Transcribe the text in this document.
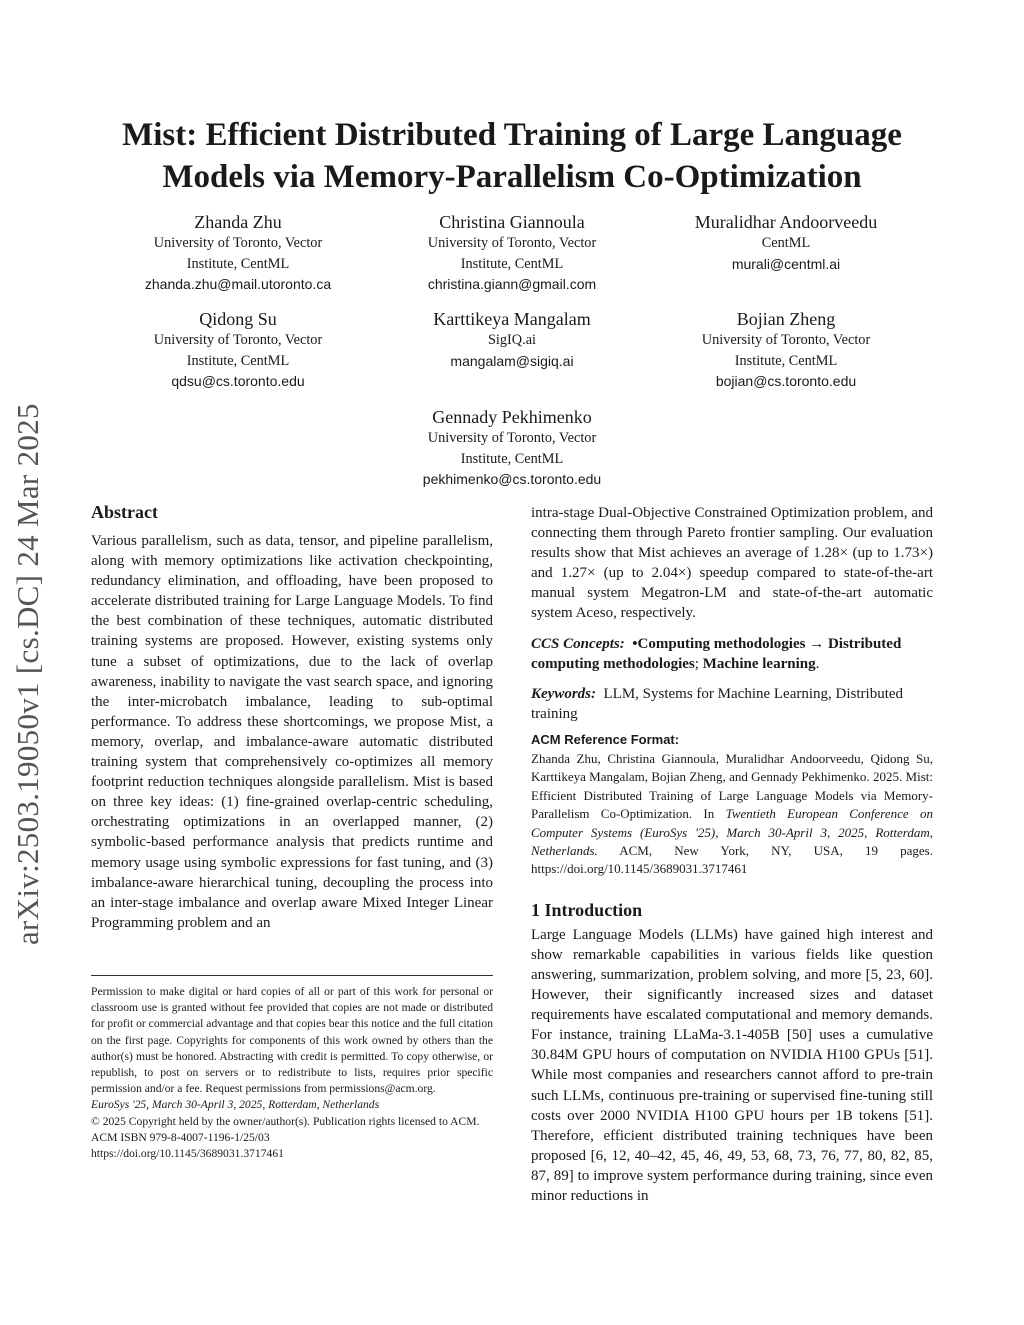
arXiv:2503.19050v1 [cs.DC] 24 Mar 2025
Mist: Efficient Distributed Training of Large Language
Models via Memory-Parallelism Co-Optimization
Zhanda Zhu
University of Toronto, Vector
Institute, CentML
zhanda.zhu@mail.utoronto.ca
Christina Giannoula
University of Toronto, Vector
Institute, CentML
christina.giann@gmail.com
Muralidhar Andoorveedu
CentML
murali@centml.ai
Qidong Su
University of Toronto, Vector
Institute, CentML
qdsu@cs.toronto.edu
Karttikeya Mangalam
SigIQ.ai
mangalam@sigiq.ai
Bojian Zheng
University of Toronto, Vector
Institute, CentML
bojian@cs.toronto.edu
Gennady Pekhimenko
University of Toronto, Vector
Institute, CentML
pekhimenko@cs.toronto.edu
Abstract

Various parallelism, such as data, tensor, and pipeline parallelism, along with memory optimizations like activation checkpointing, redundancy elimination, and offloading, have been proposed to accelerate distributed training for Large Language Models. To find the best combination of these techniques, automatic distributed training systems are proposed. However, existing systems only tune a subset of optimizations, due to the lack of overlap awareness, inability to navigate the vast search space, and ignoring the inter-microbatch imbalance, leading to sub-optimal performance. To address these shortcomings, we propose Mist, a memory, overlap, and imbalance-aware automatic distributed training system that comprehensively co-optimizes all memory footprint reduction techniques alongside parallelism. Mist is based on three key ideas: (1) fine-grained overlap-centric scheduling, orchestrating optimizations in an overlapped manner, (2) symbolic-based performance analysis that predicts runtime and memory usage using symbolic expressions for fast tuning, and (3) imbalance-aware hierarchical tuning, decoupling the process into an inter-stage imbalance and overlap aware Mixed Integer Linear Programming problem and an

Permission to make digital or hard copies of all or part of this work for personal or classroom use is granted without fee provided that copies are not made or distributed for profit or commercial advantage and that copies bear this notice and the full citation on the first page. Copyrights for components of this work owned by others than the author(s) must be honored. Abstracting with credit is permitted. To copy otherwise, or republish, to post on servers or to redistribute to lists, requires prior specific permission and/or a fee. Request permissions from permissions@acm.org.

EuroSys '25, March 30-April 3, 2025, Rotterdam, Netherlands

© 2025 Copyright held by the owner/author(s). Publication rights licensed to ACM.

ACM ISBN 979-8-4007-1196-1/25/03

https://doi.org/10.1145/3689031.3717461

intra-stage Dual-Objective Constrained Optimization problem, and connecting them through Pareto frontier sampling. Our evaluation results show that Mist achieves an average of 1.28× (up to 1.73×) and 1.27× (up to 2.04×) speedup compared to state-of-the-art manual system Megatron-LM and state-of-the-art automatic system Aceso, respectively.

CCS Concepts: •Computing methodologies → Distributed computing methodologies; Machine learning.

Keywords: LLM, Systems for Machine Learning, Distributed training

ACM Reference Format:

Zhanda Zhu, Christina Giannoula, Muralidhar Andoorveedu, Qidong Su, Karttikeya Mangalam, Bojian Zheng, and Gennady Pekhimenko. 2025. Mist: Efficient Distributed Training of Large Language Models via Memory-Parallelism Co-Optimization. In Twentieth European Conference on Computer Systems (EuroSys '25), March 30-April 3, 2025, Rotterdam, Netherlands. ACM, New York, NY, USA, 19 pages. https://doi.org/10.1145/3689031.3717461

1 Introduction

Large Language Models (LLMs) have gained high interest and show remarkable capabilities in various fields like question answering, summarization, problem solving, and more [5, 23, 60]. However, their significantly increased sizes and dataset requirements have escalated computational and memory demands. For instance, training LLaMa-3.1-405B [50] uses a cumulative 30.84M GPU hours of computation on NVIDIA H100 GPUs [51]. While most companies and researchers cannot afford to pre-train such LLMs, continuous pre-training or supervised fine-tuning still costs over 2000 NVIDIA H100 GPU hours per 1B tokens [51]. Therefore, efficient distributed training techniques have been proposed [6, 12, 40–42, 45, 46, 49, 53, 68, 73, 76, 77, 80, 82, 85, 87, 89] to improve system performance during training, since even minor reductions in
